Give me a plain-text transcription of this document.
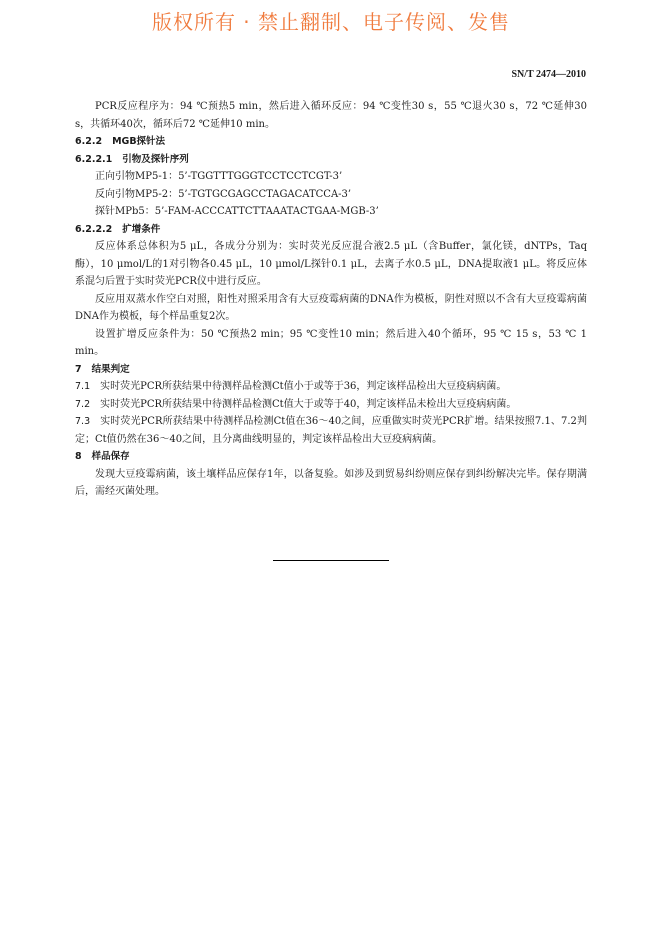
版权所有 · 禁止翻制、电子传阅、发售
SN/T 2474—2010

PCR反应程序为：94 ℃预热5 min，然后进入循环反应：94 ℃变性30 s，55 ℃退火30 s，72 ℃延伸30 s，共循环40次，循环后72 ℃延伸10 min。

6.2.2 MGB探针法

6.2.2.1 引物及探针序列

正向引物MP5-1：5’-TGGTTTGGGTCCTCCTCGT-3’

反向引物MP5-2：5’-TGTGCGAGCCTAGACATCCA-3’

探针MPb5：5’-FAM-ACCCATTCTTAAATACTGAA-MGB-3’

6.2.2.2 扩增条件

反应体系总体积为5 μL，各成分分别为：实时荧光反应混合液2.5 μL（含Buffer，氯化镁，dNTPs，Taq酶），10 μmol/L的1对引物各0.45 μL，10 μmol/L探针0.1 μL，去离子水0.5 μL，DNA提取液1 μL。将反应体系混匀后置于实时荧光PCR仪中进行反应。

反应用双蒸水作空白对照，阳性对照采用含有大豆疫霉病菌的DNA作为模板，阴性对照以不含有大豆疫霉病菌DNA作为模板，每个样品重复2次。

设置扩增反应条件为：50 ℃预热2 min；95 ℃变性10 min；然后进入40个循环，95 ℃ 15 s，53 ℃ 1 min。

7 结果判定

7.1 实时荧光PCR所获结果中待测样品检测Ct值小于或等于36，判定该样品检出大豆疫病病菌。

7.2 实时荧光PCR所获结果中待测样品检测Ct值大于或等于40，判定该样品未检出大豆疫病病菌。

7.3 实时荧光PCR所获结果中待测样品检测Ct值在36～40之间，应重做实时荧光PCR扩增。结果按照7.1、7.2判定；Ct值仍然在36～40之间，且分离曲线明显的，判定该样品检出大豆疫病病菌。

8 样品保存

发现大豆疫霉病菌，该土壤样品应保存1年，以备复验。如涉及到贸易纠纷则应保存到纠纷解决完毕。保存期满后，需经灭菌处理。
